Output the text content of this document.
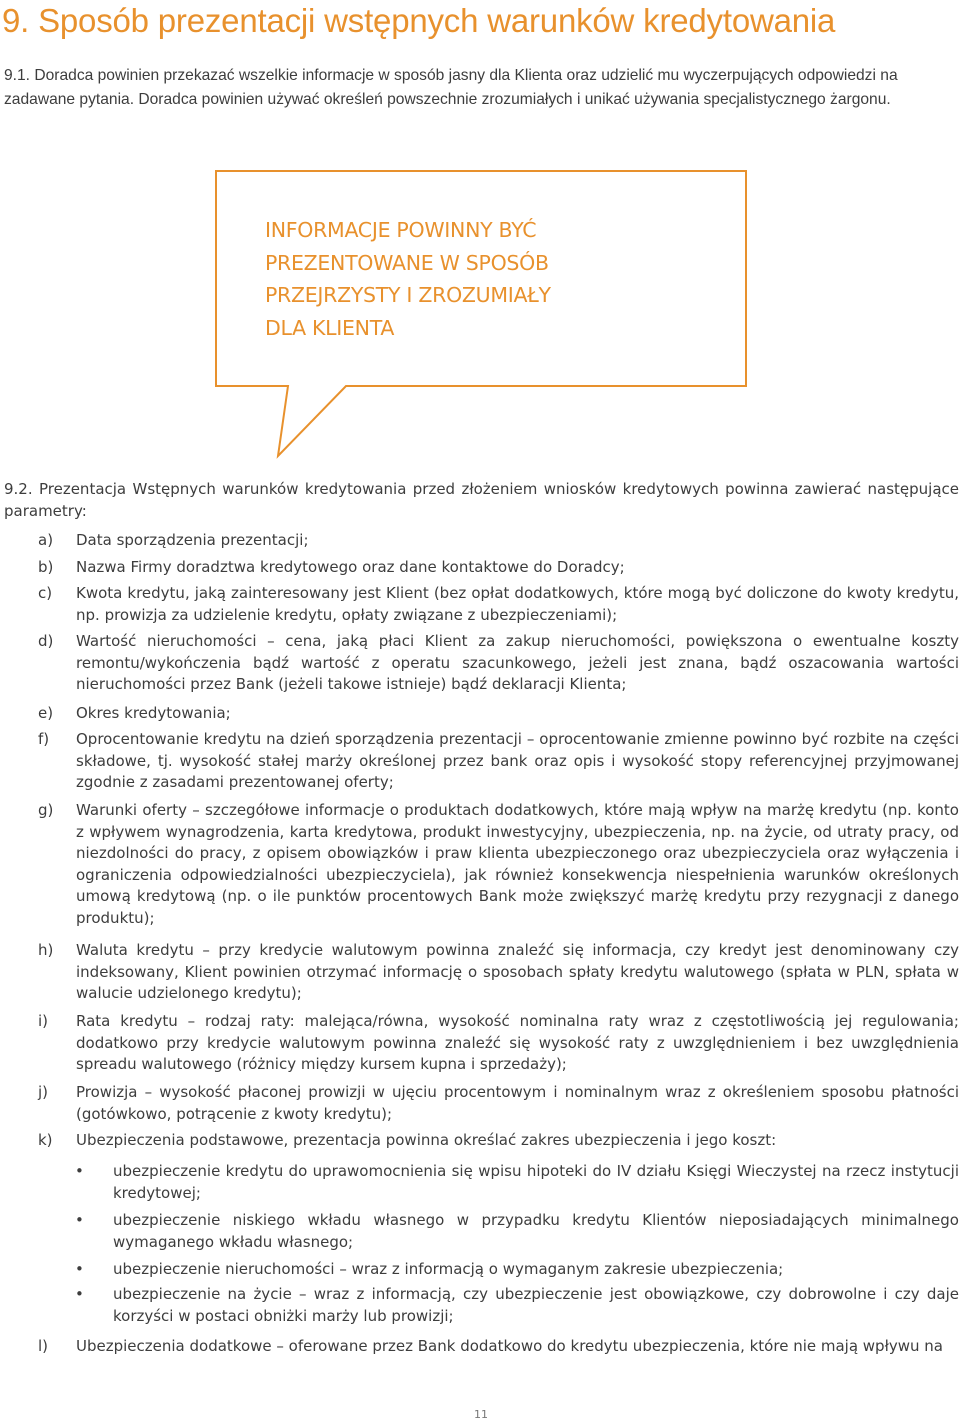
9. Sposób prezentacji wstępnych warunków kredytowania

9.1. Doradca powinien przekazać wszelkie informacje w sposób jasny dla Klienta oraz udzielić mu wyczerpujących odpowiedzi na zadawane pytania. Doradca powinien używać określeń powszechnie zrozumiałych i unikać używania specjalistycznego żargonu.

INFORMACJE POWINNY BYĆ
PREZENTOWANE W SPOSÓB
PRZEJRZYSTY I ZROZUMIAŁY
DLA KLIENTA

9.2. Prezentacja Wstępnych warunków kredytowania przed złożeniem wniosków kredytowych powinna zawierać następujące parametry:

a) Data sporządzenia prezentacji;
b) Nazwa Firmy doradztwa kredytowego oraz dane kontaktowe do Doradcy;
c) Kwota kredytu, jaką zainteresowany jest Klient (bez opłat dodatkowych, które mogą być doliczone do kwoty kredytu, np. prowizja za udzielenie kredytu, opłaty związane z ubezpieczeniami);
d) Wartość nieruchomości – cena, jaką płaci Klient za zakup nieruchomości, powiększona o ewentualne koszty remontu/wykończenia bądź wartość z operatu szacunkowego, jeżeli jest znana, bądź oszacowania wartości nieruchomości przez Bank (jeżeli takowe istnieje) bądź deklaracji Klienta;
e) Okres kredytowania;
f) Oprocentowanie kredytu na dzień sporządzenia prezentacji – oprocentowanie zmienne powinno być rozbite na części składowe, tj. wysokość stałej marży określonej przez bank oraz opis i wysokość stopy referencyjnej przyjmowanej zgodnie z zasadami prezentowanej oferty;
g) Warunki oferty – szczegółowe informacje o produktach dodatkowych, które mają wpływ na marżę kredytu (np. konto z wpływem wynagrodzenia, karta kredytowa, produkt inwestycyjny, ubezpieczenia, np. na życie, od utraty pracy, od niezdolności do pracy, z opisem obowiązków i praw klienta ubezpieczonego oraz ubezpieczyciela oraz wyłączenia i ograniczenia odpowiedzialności ubezpieczyciela), jak również konsekwencja niespełnienia warunków określonych umową kredytową (np. o ile punktów procentowych Bank może zwiększyć marżę kredytu przy rezygnacji z danego produktu);
h) Waluta kredytu – przy kredycie walutowym powinna znaleźć się informacja, czy kredyt jest denominowany czy indeksowany, Klient powinien otrzymać informację o sposobach spłaty kredytu walutowego (spłata w PLN, spłata w walucie udzielonego kredytu);
i) Rata kredytu – rodzaj raty: malejąca/równa, wysokość nominalna raty wraz z częstotliwością jej regulowania; dodatkowo przy kredycie walutowym powinna znaleźć się wysokość raty z uwzględnieniem i bez uwzględnienia spreadu walutowego (różnicy między kursem kupna i sprzedaży);
j) Prowizja – wysokość płaconej prowizji w ujęciu procentowym i nominalnym wraz z określeniem sposobu płatności (gotówkowo, potrącenie z kwoty kredytu);
k) Ubezpieczenia podstawowe, prezentacja powinna określać zakres ubezpieczenia i jego koszt:
• ubezpieczenie kredytu do uprawomocnienia się wpisu hipoteki do IV działu Księgi Wieczystej na rzecz instytucji kredytowej;
• ubezpieczenie niskiego wkładu własnego w przypadku kredytu Klientów nieposiadających minimalnego wymaganego wkładu własnego;
• ubezpieczenie nieruchomości – wraz z informacją o wymaganym zakresie ubezpieczenia;
• ubezpieczenie na życie – wraz z informacją, czy ubezpieczenie jest obowiązkowe, czy dobrowolne i czy daje korzyści w postaci obniżki marży lub prowizji;
l) Ubezpieczenia dodatkowe – oferowane przez Bank dodatkowo do kredytu ubezpieczenia, które nie mają wpływu na
11
